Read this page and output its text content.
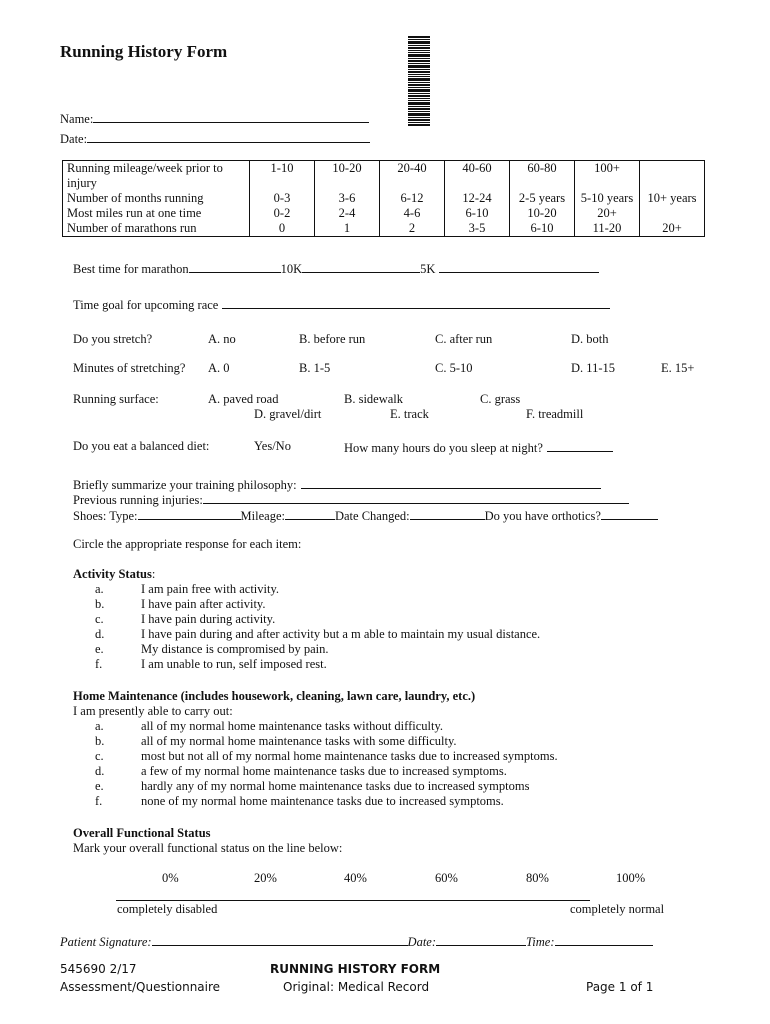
Running History Form
Name:
Date:
Running mileage/week prior to injury	1-10	10-20	20-40	40-60	60-80	100+	
Number of months running	0-3	3-6	6-12	12-24	2-5 years	5-10 years	10+ years
Most miles run at one time	0-2	2-4	4-6	6-10	10-20	20+	
Number of marathons run	0	1	2	3-5	6-10	11-20	20+
Best time for marathon	10K	5K
Time goal for upcoming race
Do you stretch?	A. no	B. before run	C. after run	D. both
Minutes of stretching? A. 0	B. 1-5	C. 5-10	D. 11-15	E. 15+
Running surface:	A. paved road	B. sidewalk	C. grass
D. gravel/dirt	E. track	F. treadmill
Do you eat a balanced diet:	Yes/No	How many hours do you sleep at night?
Briefly summarize your training philosophy:
Previous running injuries:
Shoes: Type:	Mileage:	Date Changed:	Do you have orthotics?
Circle the appropriate response for each item:
Activity Status:
a.	I am pain free with activity.
b.	I have pain after activity.
c.	I have pain during activity.
d.	I have pain during and after activity but a m able to maintain my usual distance.
e.	My distance is compromised by pain.
f.	I am unable to run, self imposed rest.
Home Maintenance (includes housework, cleaning, lawn care, laundry, etc.)
I am presently able to carry out:
a.	all of my normal home maintenance tasks without difficulty.
b.	all of my normal home maintenance tasks with some difficulty.
c.	most but not all of my normal home maintenance tasks due to increased symptoms.
d.	a few of my normal home maintenance tasks due to increased symptoms.
e.	hardly any of my normal home maintenance tasks due to increased symptoms
f.	none of my normal home maintenance tasks due to increased symptoms.
Overall Functional Status
Mark your overall functional status on the line below:
0%	20%	40%	60%	80%	100%
completely disabled	completely normal
Patient Signature:	Date:	Time:
545690 2/17
Assessment/Questionnaire
RUNNING HISTORY FORM
Original: Medical Record	Page 1 of 1
